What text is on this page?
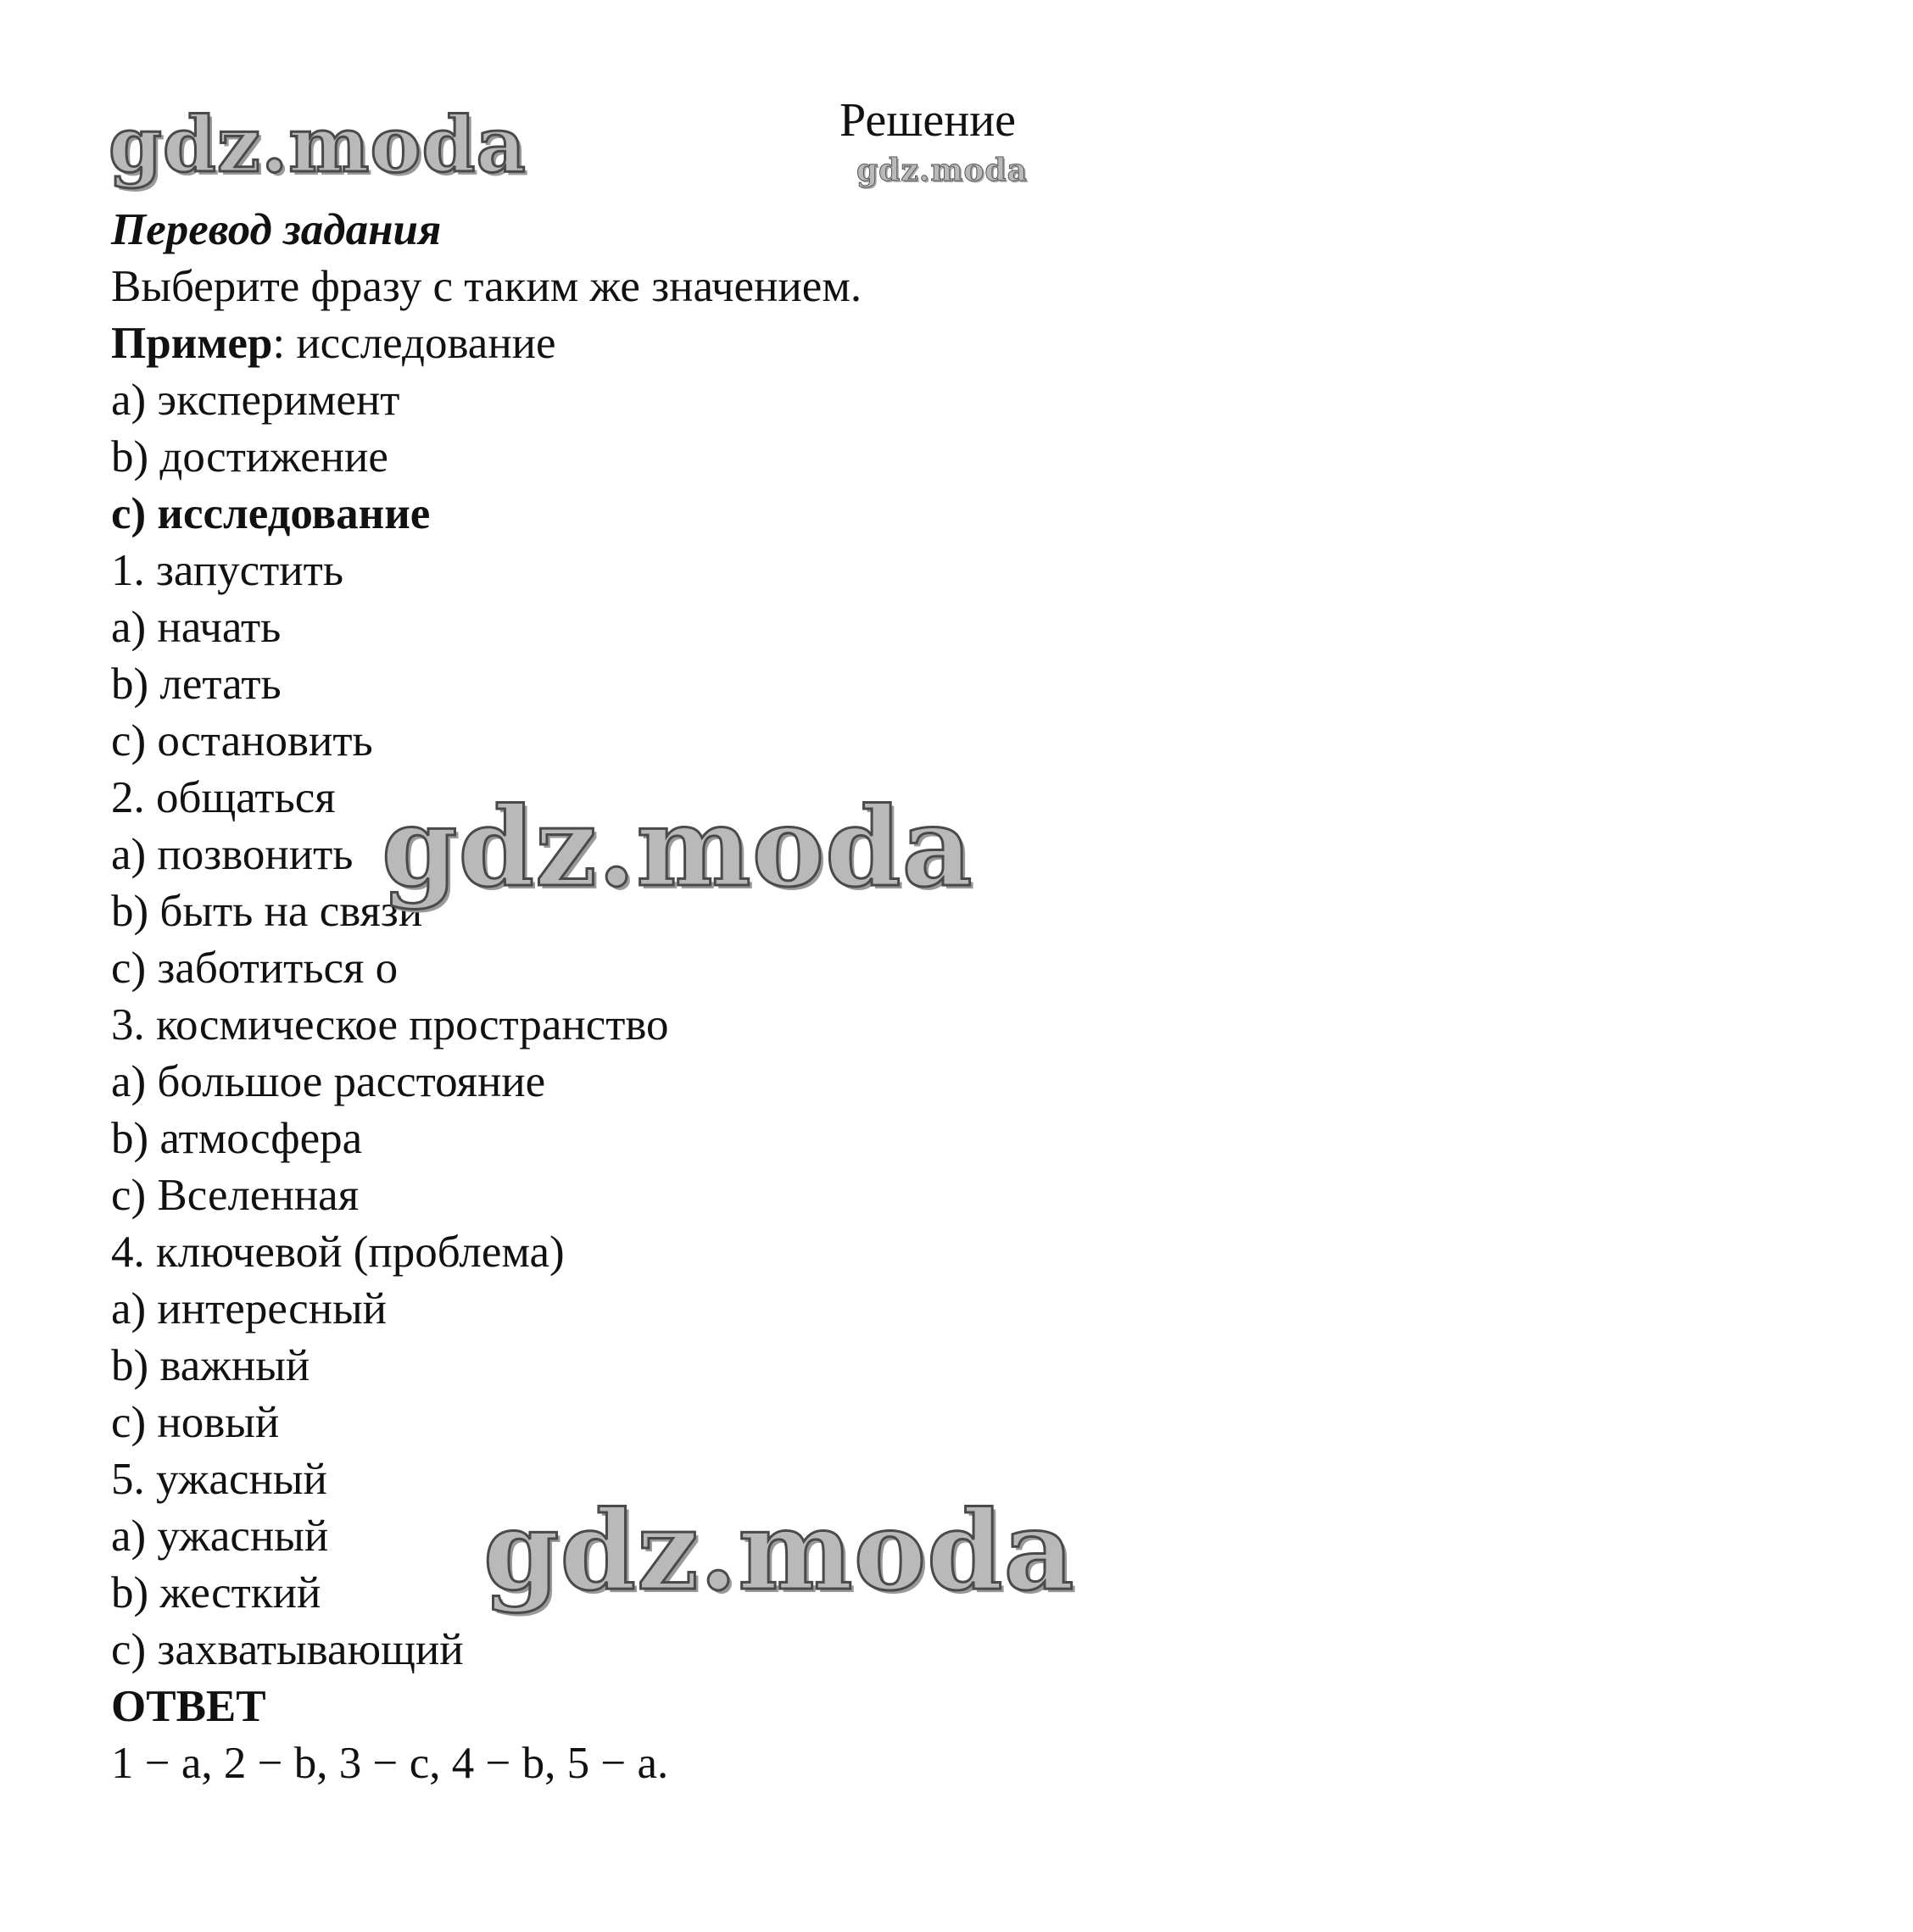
gdz.moda	Решение
gdz.moda
Перевод задания
Выберите фразу с таким же значением.
Пример: исследование
а) эксперимент
b) достижение
с) исследование
1. запустить
а) начать
b) летать
с) остановить
2. общаться
а) позвонить
b) быть на связи
с) заботиться о
3. космическое пространство
а) большое расстояние
b) атмосфера
с) Вселенная
4. ключевой (проблема)
а) интересный
b) важный
с) новый
5. ужасный
а) ужасный
b) жесткий
с) захватывающий
ОТВЕТ
1 − a, 2 − b, 3 − c, 4 − b, 5 − a.
gdz.moda
gdz.moda
